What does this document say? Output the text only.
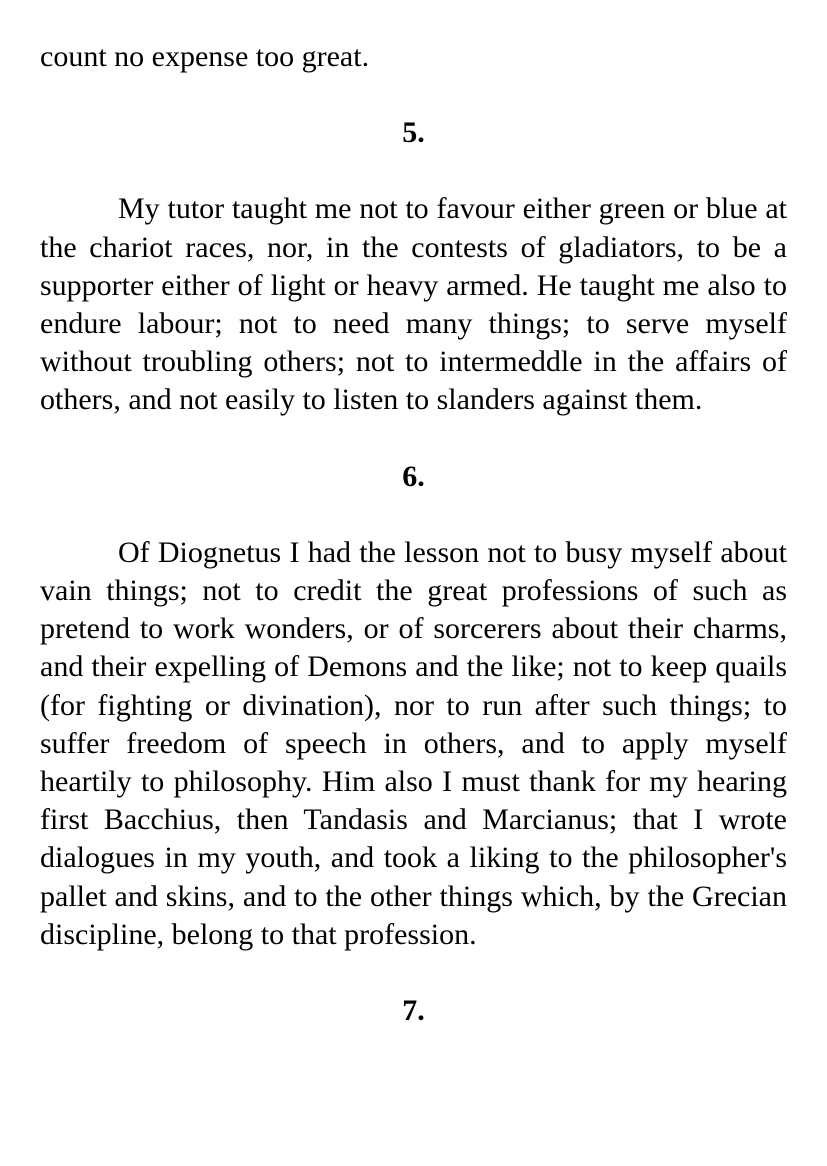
count no expense too great.

5.

My tutor taught me not to favour either green or blue at the chariot races, nor, in the contests of gladiators, to be a supporter either of light or heavy armed. He taught me also to endure labour; not to need many things; to serve myself without troubling others; not to intermeddle in the affairs of others, and not easily to listen to slanders against them.

6.

Of Diognetus I had the lesson not to busy myself about vain things; not to credit the great professions of such as pretend to work wonders, or of sorcerers about their charms, and their expelling of Demons and the like; not to keep quails (for fighting or divination), nor to run after such things; to suffer freedom of speech in others, and to apply myself heartily to philosophy. Him also I must thank for my hearing first Bacchius, then Tandasis and Marcianus; that I wrote dialogues in my youth, and took a liking to the philosopher's pallet and skins, and to the other things which, by the Grecian discipline, belong to that profession.

7.
